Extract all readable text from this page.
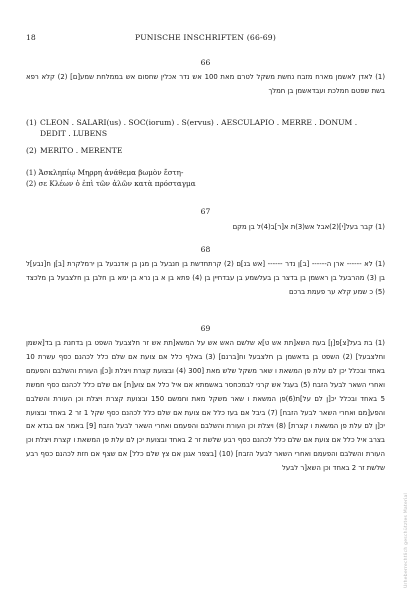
18	PUNISCHE INSCHRIFTEN (66-69)
66
(1) לאדן לאשמן מארח מזבח נחשת משקל לטרם מאת 100 אש נדר אכלין שחסום אש בממלחת שמע[ם] (2) קלא רפא בשת שפטם חמלכת ועבדאשמן בן חמלך
(1) CLEON . SALARI(us) . SOC(iorum) . S(ervus) . AESCULAPIO . MERRE . DONUM . DEDIT . LUBENS
(2) MERITO . MERENTE
(1) Ἀσκληπίῳ Μηρρη ἀνάθεμα βωμὸν ἔστη-
(2) σε Κλέων ὁ ἐπὶ τῶν ἁλῶν κατὰ πρόσταγμα
67
(1) קבר בעל[י](2)אבל אש(3)ת א[ר]ב(4)ל בן מקם
68
(1) לא ------ ארן ה------ [ב]ן נדר ------ [אש בנ]ם (2) קרתחדשת בן חנבעל בן מגן בן אדנבעל בן ירמלקרת [ב]ן ח[נבע]ל בן (3) מהרבעל בן ראשמן בן בדצר בן בעלשמע בן עבדחיין בן (4) פתא בן א בן נרא בן ימא בן חלבן בן חלצבעל בן מלכצד (5) כ שמע קלא ער פעמת ברכם
69
(1) בת בעל[צ]פ[ן] בעת השא[תת אש ט]א שלשם האש אש על המשא[תת אש זר חלצבעל השפט בן בדחנת בן בד[אשמן וחלצבעל] (2) השפט בן בדאשמן בן חלצבעל וח[ברנם] (3) באלף כלל אם צועת אם שלם כלל לכהנם כסף עשרת 10 באחד ובכלל יכן לם עלת פן המשאת ו שאר משקל שלש מאת [300 (4) ובצועת קצרת ויצלת ו[כ]ן העורת והשלבם והפעמם ואחרי השאר לבעל הזבח (5) בעגל אש קרני לבמכחסר באשמתא אם איל כלל אם צוע[ת] אם שלם כלל לכהנם כסף חמשת 5 באחד ובכלל יכ[ן לם על]ת(6)פן המשאת ו שאר משקל מאת וחמשם 150 ובצועת קצרת ויצלת וכן העורת והשלבם והפע[מם ואחרי השאר לבעל הזבח] (7) ביבל אם בעז כלל אם צועת אם שלם כלל לכהנם כסף שקל 1 זר 2 באחד ובצועת יכ[ן לם עלת פן המשאת ו קצרת] (8) ויצלת וכן העורת והשלבם והפעמם ואחרי השאר לבעל הזבח [9] באמר אם בגדא אם בצרב איל כלל אם צועת אם שלם כלל לכהנם כסף רבע שלשת זר 2 באחד ובצועת יכן לם עלת פן המשאת ו קצרת ויצלת וכן העורת והשלבם והפעמם ואחרי השאר לבעל הזבח] (10) [בצפר אגנן אם צץ שלם כלל] אם שצף אם חזת לכהנם כסף רבע שלשת זר 2 באחד וכן השא[ר לבעל
Urheberrechtlich geschütztes Material
